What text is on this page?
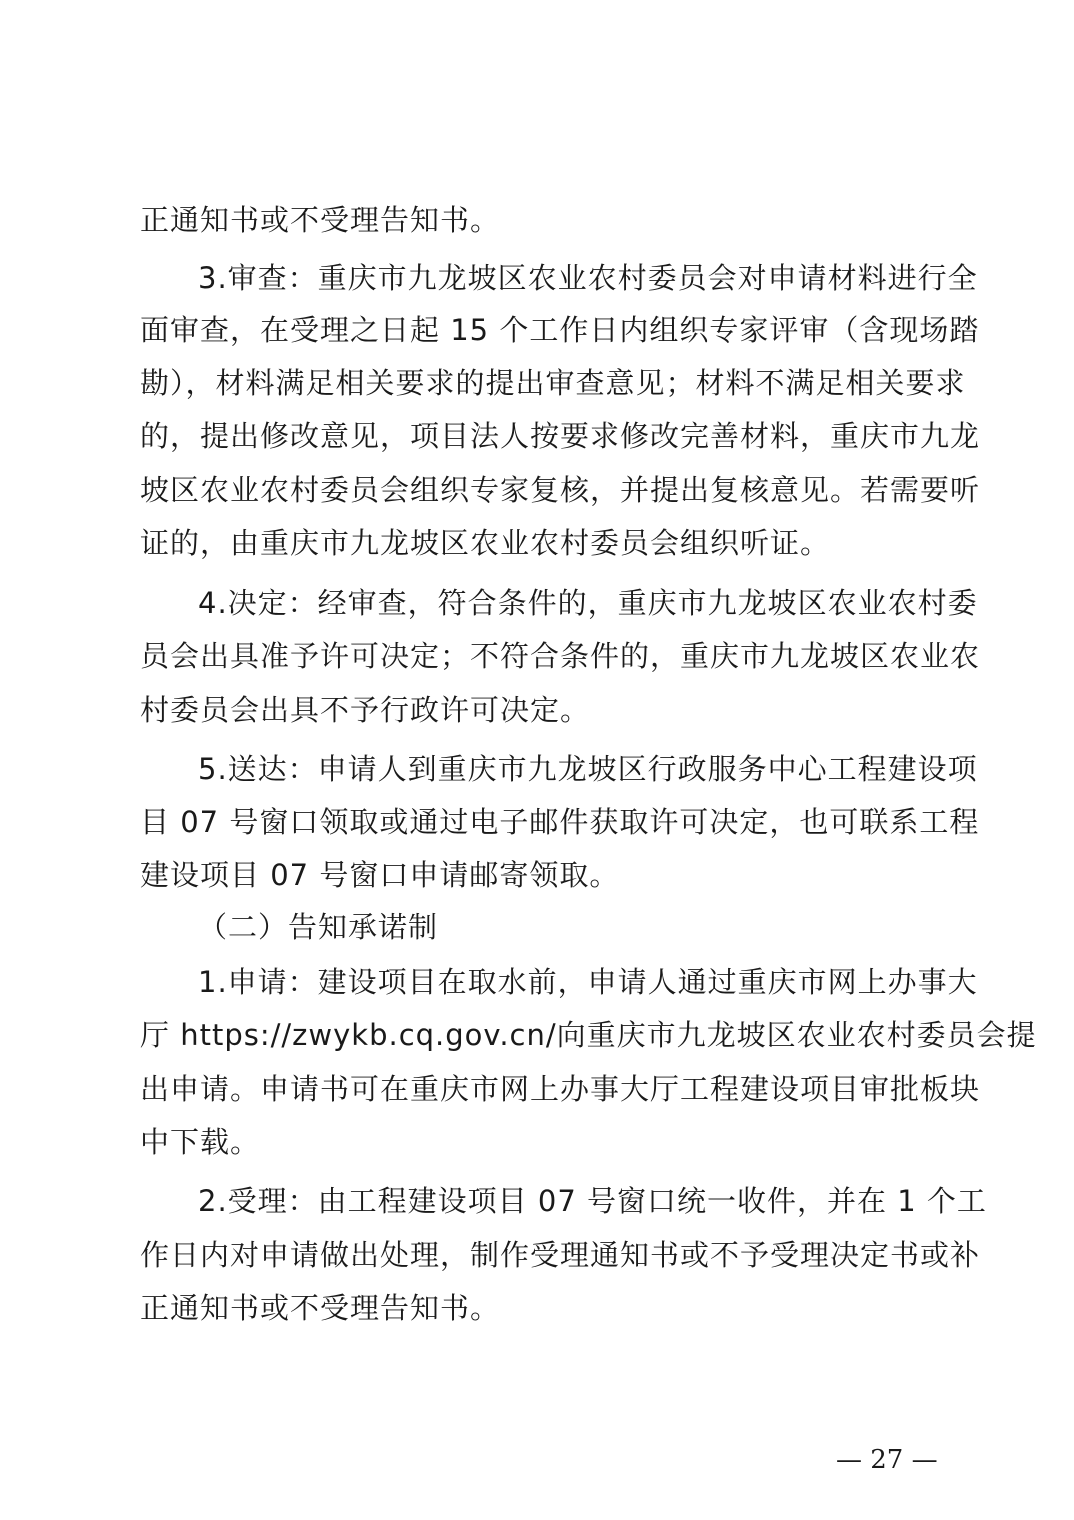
正通知书或不受理告知书。
3.审查：重庆市九龙坡区农业农村委员会对申请材料进行全
面审查，在受理之日起 15 个工作日内组织专家评审（含现场踏
勘），材料满足相关要求的提出审查意见；材料不满足相关要求
的，提出修改意见，项目法人按要求修改完善材料，重庆市九龙
坡区农业农村委员会组织专家复核，并提出复核意见。若需要听
证的，由重庆市九龙坡区农业农村委员会组织听证。
4.决定：经审查，符合条件的，重庆市九龙坡区农业农村委
员会出具准予许可决定；不符合条件的，重庆市九龙坡区农业农
村委员会出具不予行政许可决定。
5.送达：申请人到重庆市九龙坡区行政服务中心工程建设项
目 07 号窗口领取或通过电子邮件获取许可决定，也可联系工程
建设项目 07 号窗口申请邮寄领取。
（二）告知承诺制
1.申请：建设项目在取水前，申请人通过重庆市网上办事大
厅 https://zwykb.cq.gov.cn/向重庆市九龙坡区农业农村委员会提
出申请。申请书可在重庆市网上办事大厅工程建设项目审批板块
中下载。
2.受理：由工程建设项目 07 号窗口统一收件，并在 1 个工
作日内对申请做出处理，制作受理通知书或不予受理决定书或补
正通知书或不受理告知书。
— 27 —
